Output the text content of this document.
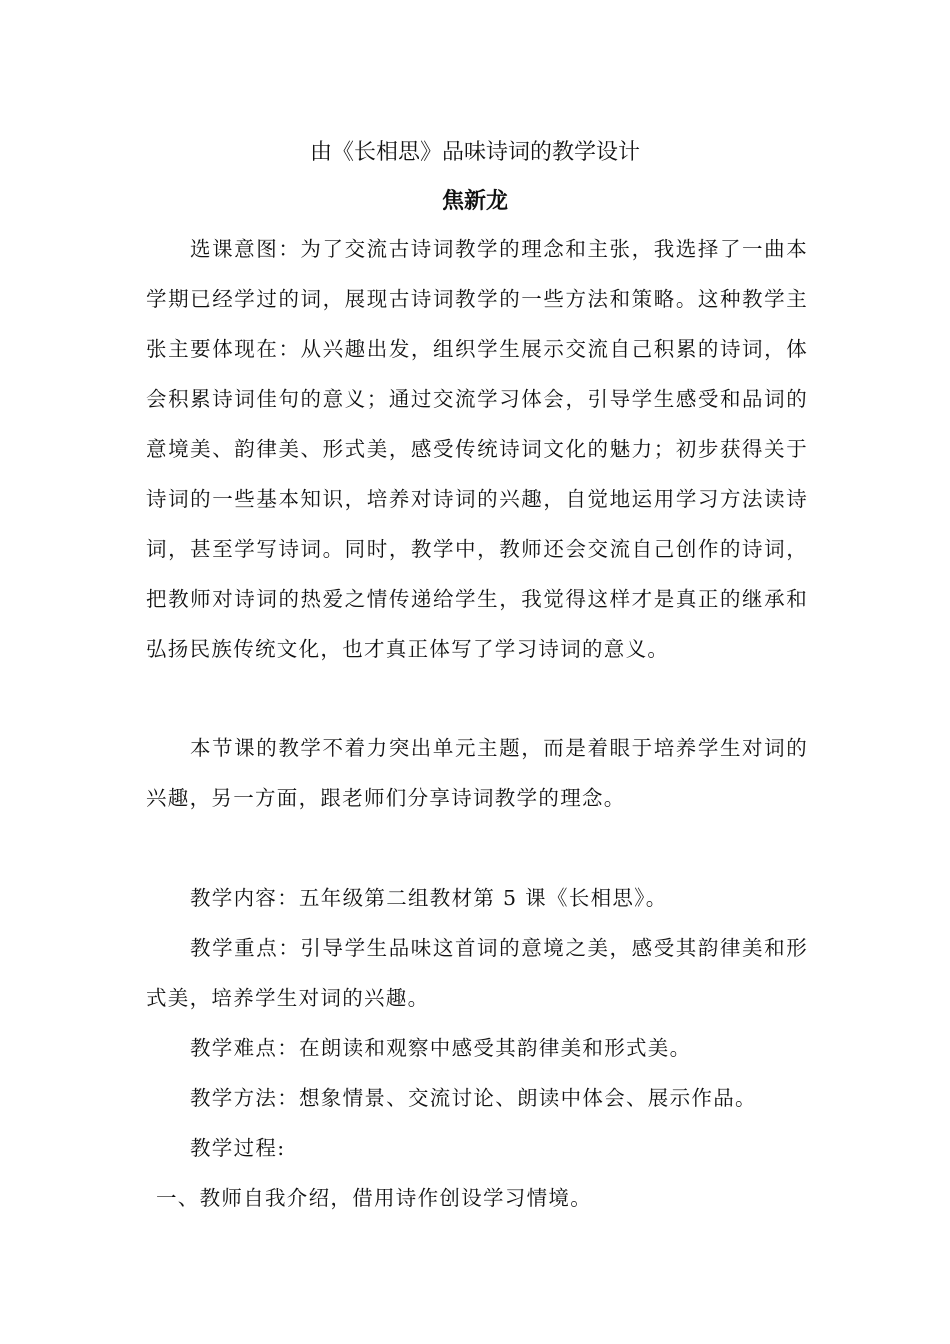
由《长相思》品味诗词的教学设计
焦新龙

选课意图：为了交流古诗词教学的理念和主张，我选择了一曲本学期已经学过的词，展现古诗词教学的一些方法和策略。这种教学主张主要体现在：从兴趣出发，组织学生展示交流自己积累的诗词，体会积累诗词佳句的意义；通过交流学习体会，引导学生感受和品词的意境美、韵律美、形式美，感受传统诗词文化的魅力；初步获得关于诗词的一些基本知识，培养对诗词的兴趣，自觉地运用学习方法读诗词，甚至学写诗词。同时，教学中，教师还会交流自己创作的诗词，把教师对诗词的热爱之情传递给学生，我觉得这样才是真正的继承和弘扬民族传统文化，也才真正体写了学习诗词的意义。

本节课的教学不着力突出单元主题，而是着眼于培养学生对词的兴趣，另一方面，跟老师们分享诗词教学的理念。

教学内容：五年级第二组教材第 5 课《长相思》。

教学重点：引导学生品味这首词的意境之美，感受其韵律美和形式美，培养学生对词的兴趣。

教学难点：在朗读和观察中感受其韵律美和形式美。

教学方法：想象情景、交流讨论、朗读中体会、展示作品。

教学过程:

一、教师自我介绍，借用诗作创设学习情境。
